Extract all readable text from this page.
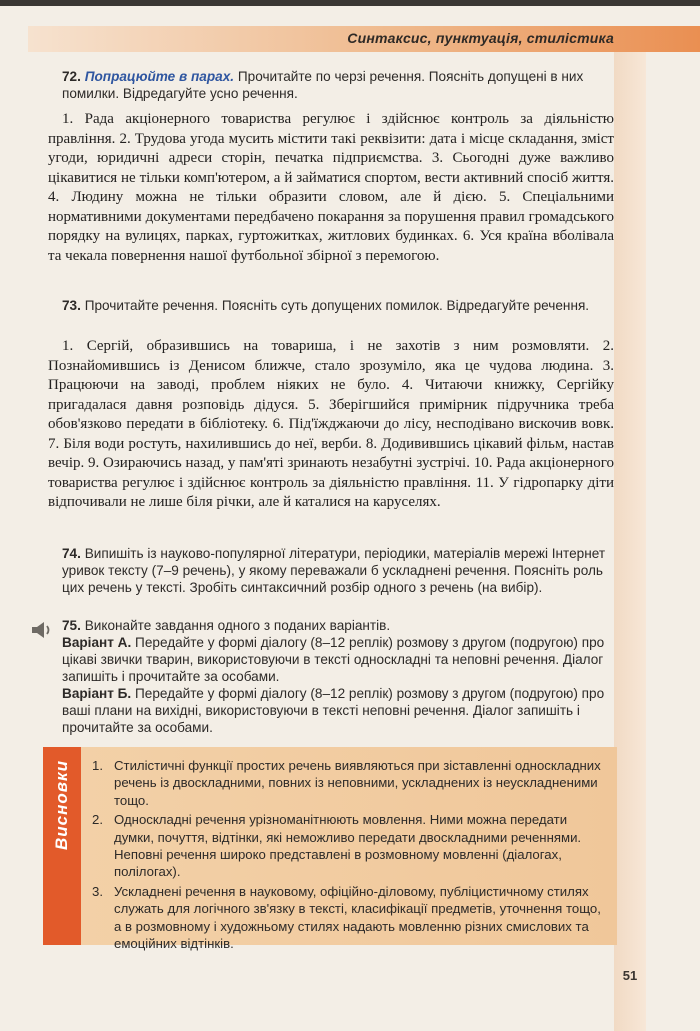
Синтаксис, пунктуація, стилістика
72. Попрацюйте в парах. Прочитайте по черзі речення. Поясніть допущені в них помилки. Відредагуйте усно речення.
1. Рада акціонерного товариства регулює і здійснює контроль за діяльністю правління. 2. Трудова угода мусить містити такі реквізити: дата і місце складання, зміст угоди, юридичні адреси сторін, печатка підприємства. 3. Сьогодні дуже важливо цікавитися не тільки комп'ютером, а й займатися спортом, вести активний спосіб життя. 4. Людину можна не тільки образити словом, але й дією. 5. Спеціальними нормативними документами передбачено покарання за порушення правил громадського порядку на вулицях, парках, гуртожитках, житлових будинках. 6. Уся країна вболівала та чекала повернення нашої футбольної збірної з перемогою.
73. Прочитайте речення. Поясніть суть допущених помилок. Відредагуйте речення.
1. Сергій, образившись на товариша, і не захотів з ним розмовляти. 2. Познайомившись із Денисом ближче, стало зрозуміло, яка це чудова людина. 3. Працюючи на заводі, проблем ніяких не було. 4. Читаючи книжку, Сергійку пригадалася давня розповідь дідуся. 5. Зберігшийся примірник підручника треба обов'язково передати в бібліотеку. 6. Під'їжджаючи до лісу, несподівано вискочив вовк. 7. Біля води ростуть, нахилившись до неї, верби. 8. Додивившись цікавий фільм, настав вечір. 9. Озираючись назад, у пам'яті зринають незабутні зустрічі. 10. Рада акціонерного товариства регулює і здійснює контроль за діяльністю правління. 11. У гідропарку діти відпочивали не лише біля річки, але й каталися на каруселях.
74. Випишіть із науково-популярної літератури, періодики, матеріалів мережі Інтернет уривок тексту (7–9 речень), у якому переважали б ускладнені речення. Поясніть роль цих речень у тексті. Зробіть синтаксичний розбір одного з речень (на вибір).
75. Виконайте завдання одного з поданих варіантів.
Варіант А. Передайте у формі діалогу (8–12 реплік) розмову з другом (подругою) про цікаві звички тварин, використовуючи в тексті односкладні та неповні речення. Діалог запишіть і прочитайте за особами.
Варіант Б. Передайте у формі діалогу (8–12 реплік) розмову з другом (подругою) про ваші плани на вихідні, використовуючи в тексті неповні речення. Діалог запишіть і прочитайте за особами.
Висновки	1. Стилістичні функції простих речень виявляються при зіставленні односкладних речень із двоскладними, повних із неповними, ускладнених із неускладненими тощо.
2. Односкладні речення урізноманітнюють мовлення. Ними можна передати думки, почуття, відтінки, які неможливо передати двоскладними реченнями. Неповні речення широко представлені в розмовному мовленні (діалогах, полілогах).
3. Ускладнені речення в науковому, офіційно-діловому, публіцистичному стилях служать для логічного зв'язку в тексті, класифікації предметів, уточнення тощо, а в розмовному і художньому стилях надають мовленню різних смислових та емоційних відтінків.
51
